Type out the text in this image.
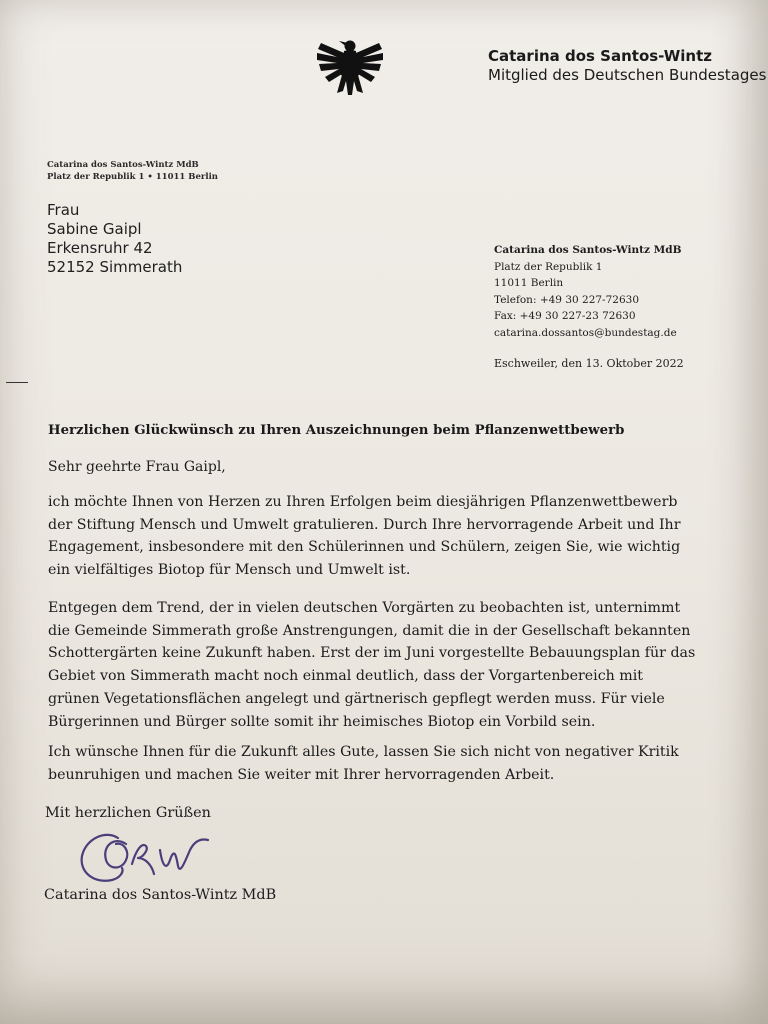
Catarina dos Santos-Wintz
Mitglied des Deutschen Bundestages
Catarina dos Santos-Wintz MdB
Platz der Republik 1 • 11011 Berlin
Frau
Sabine Gaipl
Erkensruhr 42
52152 Simmerath
Catarina dos Santos-Wintz MdB
Platz der Republik 1
11011 Berlin
Telefon: +49 30 227-72630
Fax: +49 30 227-23 72630
catarina.dossantos@bundestag.de
Eschweiler, den 13. Oktober 2022
Herzlichen Glückwünsch zu Ihren Auszeichnungen beim Pflanzenwettbewerb
Sehr geehrte Frau Gaipl,
ich möchte Ihnen von Herzen zu Ihren Erfolgen beim diesjährigen Pflanzenwettbewerb
der Stiftung Mensch und Umwelt gratulieren. Durch Ihre hervorragende Arbeit und Ihr
Engagement, insbesondere mit den Schülerinnen und Schülern, zeigen Sie, wie wichtig
ein vielfältiges Biotop für Mensch und Umwelt ist.
Entgegen dem Trend, der in vielen deutschen Vorgärten zu beobachten ist, unternimmt
die Gemeinde Simmerath große Anstrengungen, damit die in der Gesellschaft bekannten
Schottergärten keine Zukunft haben. Erst der im Juni vorgestellte Bebauungsplan für das
Gebiet von Simmerath macht noch einmal deutlich, dass der Vorgartenbereich mit
grünen Vegetationsflächen angelegt und gärtnerisch gepflegt werden muss. Für viele
Bürgerinnen und Bürger sollte somit ihr heimisches Biotop ein Vorbild sein.
Ich wünsche Ihnen für die Zukunft alles Gute, lassen Sie sich nicht von negativer Kritik
beunruhigen und machen Sie weiter mit Ihrer hervorragenden Arbeit.
Mit herzlichen Grüßen
Catarina dos Santos-Wintz MdB
